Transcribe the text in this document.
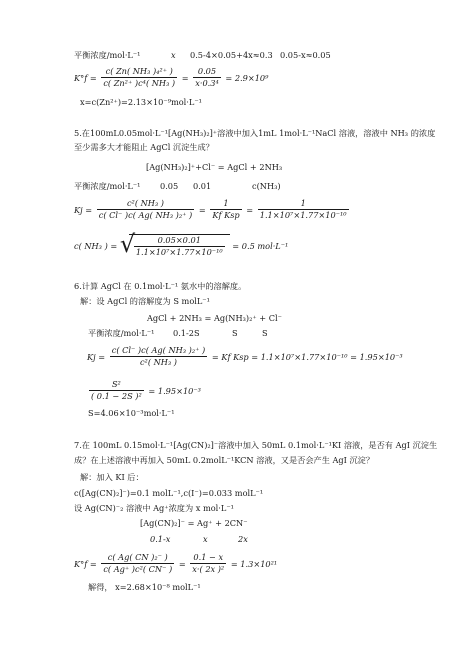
平衡浓度/mol·L⁻¹	x 0.5-4×0.05+4x≈0.3 0.05-x≈0.05
$K^\circ f = \frac{\text{c( Zn( NH₃ )₄²⁺ )}}{\text{c( Zn²⁺ )c⁴( NH₃ )}} = \frac{0.05}{\text{x·0.3⁴}} = 2.9\times 10^9$
x=c(Zn²⁺)=2.13×10⁻⁹mol·L⁻¹
5.在100mL0.05mol·L⁻¹[Ag(NH₃)₂]⁺溶液中加入1mL 1mol·L⁻¹NaCl 溶液，溶液中 NH₃ 的浓度
至少需多大才能阻止 AgCl 沉淀生成？
[Ag(NH₃)₂]⁺+Cl⁻ = AgCl + 2NH₃
平衡浓度/mol·L⁻¹ 0.05 0.01	c(NH₃)
$Kj = \frac{\text{c²( NH₃ )}}{\text{c( Cl⁻ )c( Ag( NH₃ )₂⁺ )}} = \frac{1}{\text{Kf Ksp}} = \frac{1}{\text{1.1×10⁷×1.77×10⁻¹⁰}}$
c( NH₃ ) = √
$\frac{0.05\times 0.01}{\text{1.1×10⁷×1.77×10⁻¹⁰}} = 0.5$ mol·L⁻¹
6.计算 AgCl 在 0.1mol·L⁻¹ 氨水中的溶解度。
解：设 AgCl 的溶解度为 S molL⁻¹
AgCl + 2NH₃ = Ag(NH₃)₂⁺ + Cl⁻
平衡浓度/mol·L⁻¹ 0.1-2S	S	S
$Kj = \frac{\text{c( Cl⁻ )c( Ag( NH₃ )₂⁺ )}}{\text{c²( NH₃ )}} = Kf$ Ksp = 1.1×10⁷×1.77×10⁻¹⁰ = 1.95×10⁻³
$\frac{\text{S²}}{\text{( 0.1 − 2S )²}} = 1.95\times 10^{-3}$
S=4.06×10⁻³mol·L⁻¹
7.在 100mL 0.15mol·L⁻¹[Ag(CN)₂]⁻溶液中加入 50mL 0.1mol·L⁻¹KI 溶液，是否有 AgI 沉淀生
成？在上述溶液中再加入 50mL 0.2molL⁻¹KCN 溶液，又是否会产生 AgI 沉淀？
解：加入 KI 后：
c([Ag(CN)₂]⁻)=0.1 molL⁻¹,c(I⁻)=0.033 molL⁻¹
设 Ag(CN)⁻₂ 溶液中 Ag⁺浓度为 x mol·L⁻¹
[Ag(CN)₂]⁻ = Ag⁺ + 2CN⁻
0.1-x	x	2x
$K^\circ f = \frac{\text{c( Ag( CN )₂⁻ )}}{\text{c( Ag⁺ )c²( CN⁻ )}} = \frac{0.1 - x}{\text{x·( 2x )²}} = 1.3\times 10^{21}$
解得， x=2.68×10⁻⁸ molL⁻¹
